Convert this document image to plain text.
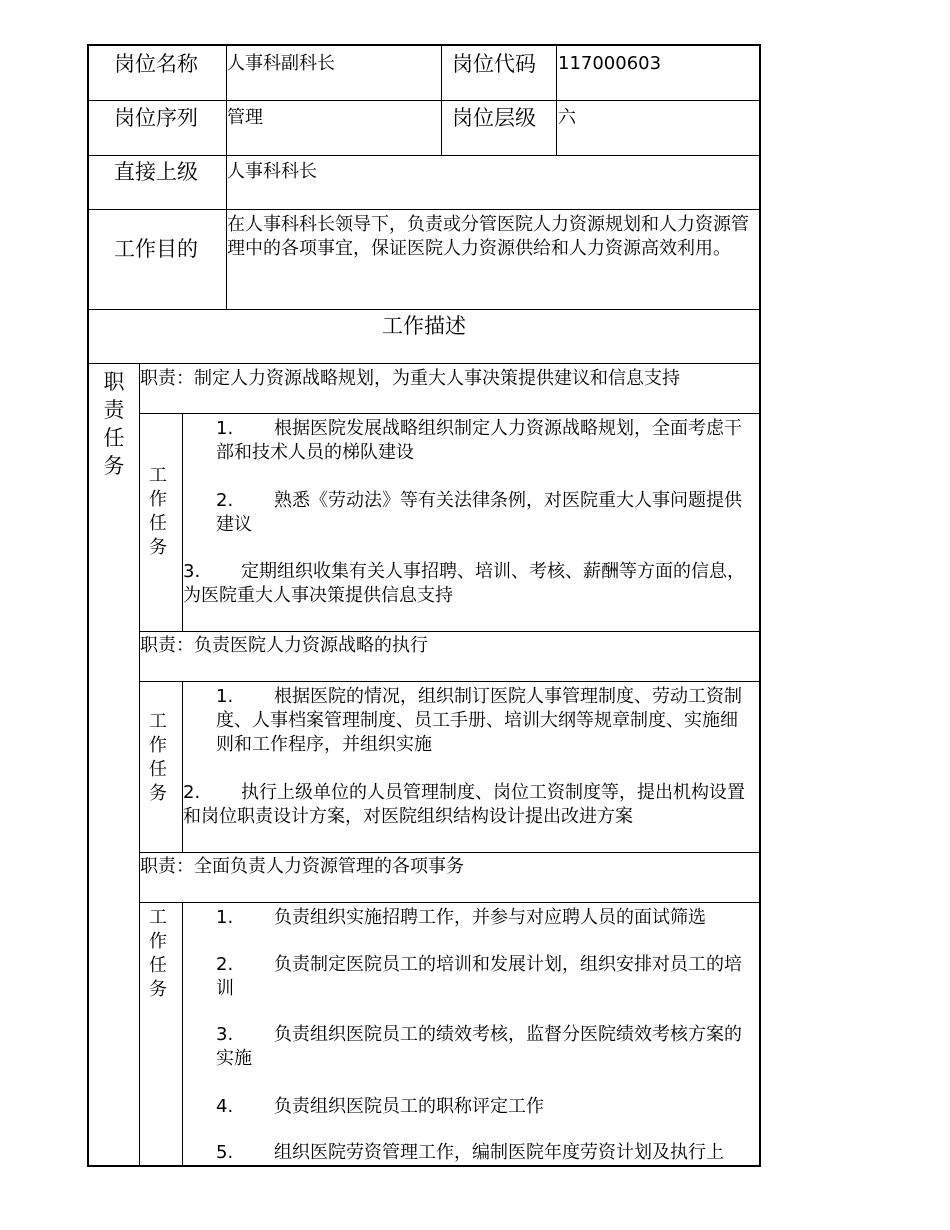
岗位名称 人事科副科长	岗位代码 117000603
岗位序列 管理	岗位层级 六
直接上级 人事科科长
工作目的
在人事科科长领导下，负责或分管医院人力资源规划和人力资源管理中的各项事宜，保证医院人力资源供给和人力资源高效利用。
工作描述
职责任务
职责：制定人力资源战略规划，为重大人事决策提供建议和信息支持
工作任务
1. 根据医院发展战略组织制定人力资源战略规划，全面考虑干部和技术人员的梯队建设
2. 熟悉《劳动法》等有关法律条例，对医院重大人事问题提供建议
3. 定期组织收集有关人事招聘、培训、考核、薪酬等方面的信息，为医院重大人事决策提供信息支持
职责：负责医院人力资源战略的执行
工作任务
1. 根据医院的情况，组织制订医院人事管理制度、劳动工资制度、人事档案管理制度、员工手册、培训大纲等规章制度、实施细则和工作程序，并组织实施
2. 执行上级单位的人员管理制度、岗位工资制度等，提出机构设置和岗位职责设计方案，对医院组织结构设计提出改进方案
职责：全面负责人力资源管理的各项事务
工作任务
1. 负责组织实施招聘工作，并参与对应聘人员的面试筛选
2. 负责制定医院员工的培训和发展计划，组织安排对员工的培训
3. 负责组织医院员工的绩效考核，监督分医院绩效考核方案的实施
4. 负责组织医院员工的职称评定工作
5. 组织医院劳资管理工作，编制医院年度劳资计划及执行上
